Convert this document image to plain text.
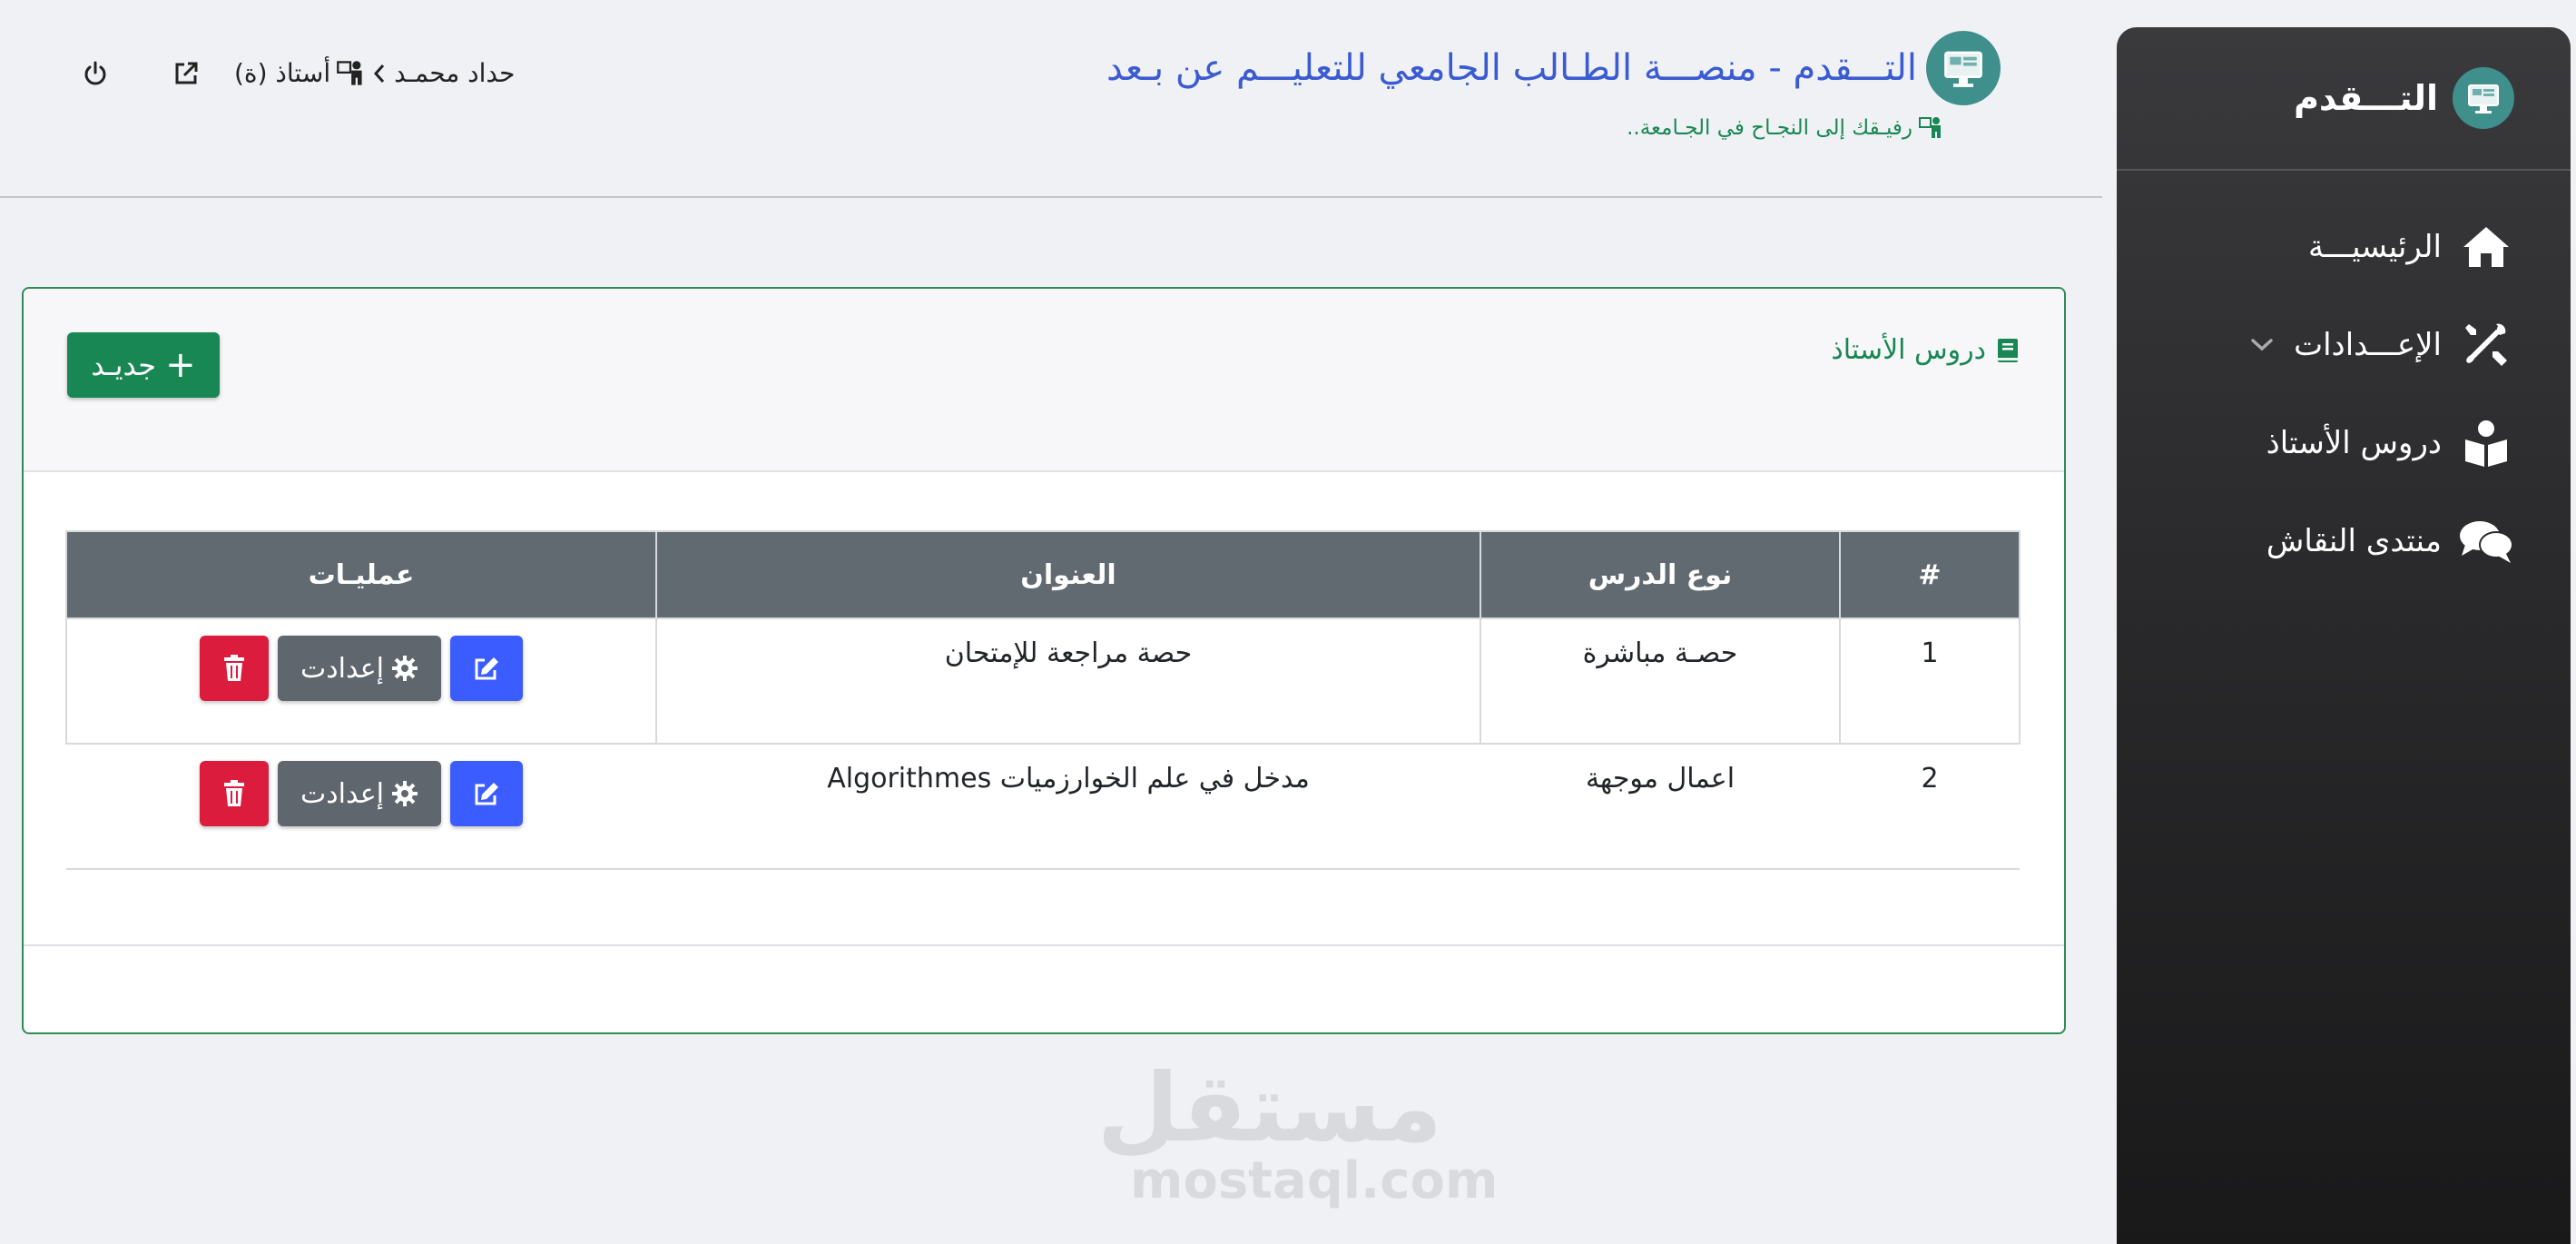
التـــقدم
الرئيسيـــة
الإعـــدادات
دروس الأستاذ
منتدى النقاش
التـــقدم - منصـــة الطـالب الجامعي للتعليـــم عن بـعد
رفيـقك إلى النجـاح في الجـامعة..
حداد محمـد
أستاذ (ة)
دروس الأستاذ
+
جديـد
#	نوع الدرس	العنوان	عمليـات
1	حصـة مباشرة	حصة مراجعة للإمتحان	إعدادت

2	اعمال موجهة	مدخل في علم الخوارزميات Algorithmes	إعدادت
مستقل
mostaql.com
